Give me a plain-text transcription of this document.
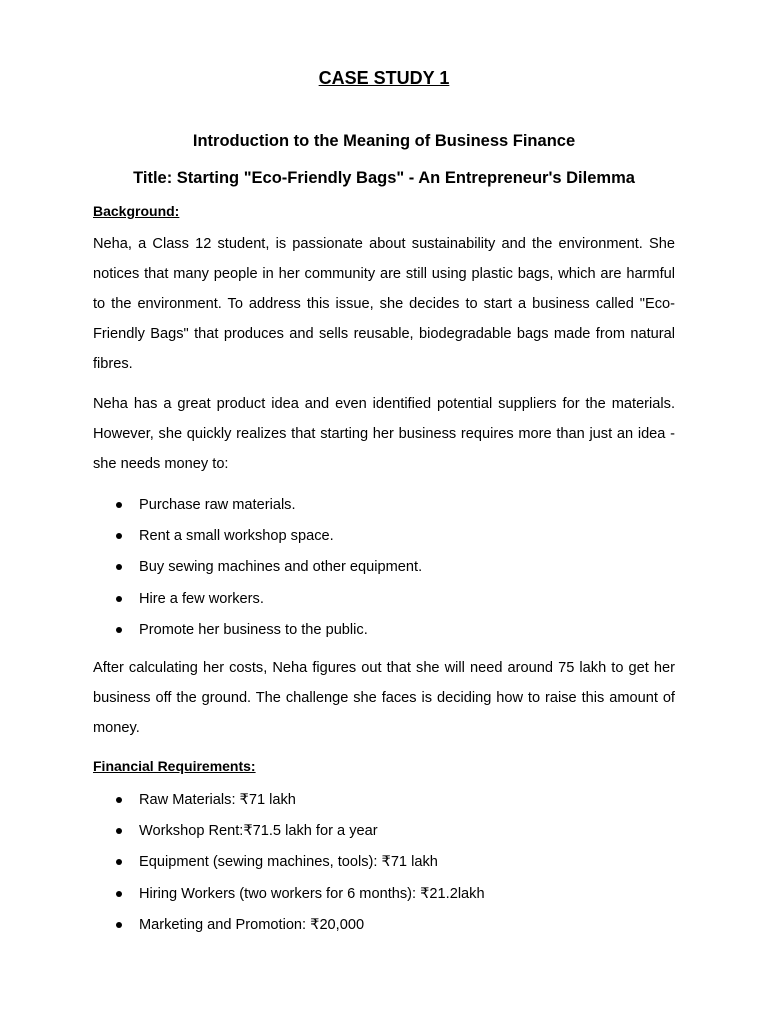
CASE STUDY 1
Introduction to the Meaning of Business Finance
Title: Starting "Eco-Friendly Bags" - An Entrepreneur's Dilemma
Background:

Neha, a Class 12 student, is passionate about sustainability and the environment. She notices that many people in her community are still using plastic bags, which are harmful to the environment. To address this issue, she decides to start a business called "Eco-Friendly Bags" that produces and sells reusable, biodegradable bags made from natural fibres.

Neha has a great product idea and even identified potential suppliers for the materials. However, she quickly realizes that starting her business requires more than just an idea - she needs money to:

Purchase raw materials.
Rent a small workshop space.
Buy sewing machines and other equipment.
Hire a few workers.
Promote her business to the public.

After calculating her costs, Neha figures out that she will need around 75 lakh to get her business off the ground. The challenge she faces is deciding how to raise this amount of money.

Financial Requirements:
Raw Materials: ₹71 lakh
Workshop Rent:₹71.5 lakh for a year
Equipment (sewing machines, tools): ₹71 lakh
Hiring Workers (two workers for 6 months): ₹21.2lakh
Marketing and Promotion: ₹20,000
